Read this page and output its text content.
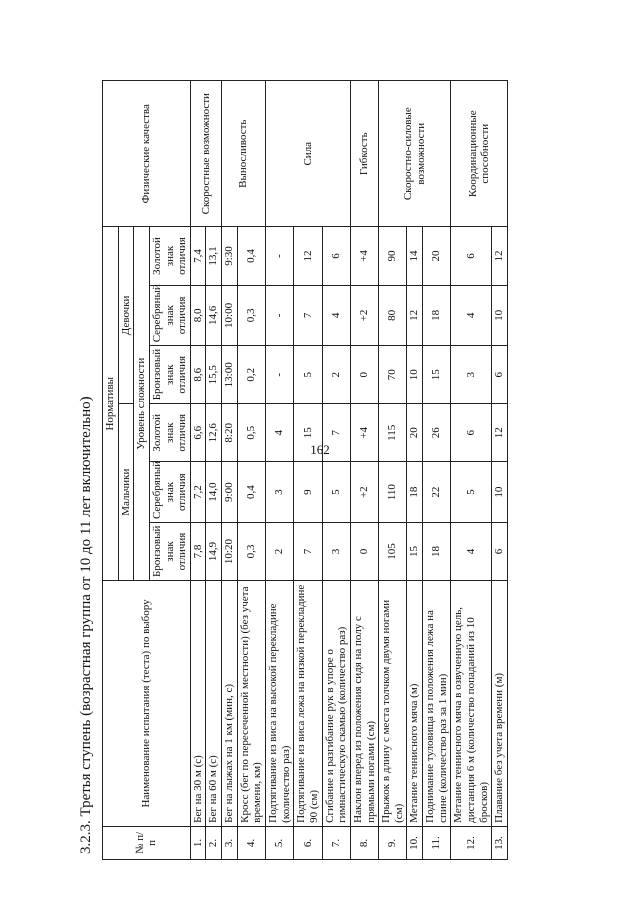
162
3.2.3. Третья ступень (возрастная группа от 10 до 11 лет включительно)	№ п/п	Наименование испытания (теста) по выбору	Нормативы						Физические качества
		Мальчики			Девочки			
		Уровень сложности						
		Бронзовый знак отличия	Серебряный знак отличия	Золотой знак отличия	Бронзовый знак отличия	Серебряный знак отличия	Золотой знак отличия	
1.	Бег на 30 м (с)	7,8	7,2	6,6	8,6	8,0	7,4	Скоростные возможности
2.	Бег на 60 м (с)	14,9	14,0	12,6	15,5	14,6	13,1	
3.	Бег на лыжах на 1 км (мин, с)	10:20	9:00	8:20	13:00	10:00	9:30	Выносливость
4.	Кросс (бег по пересеченной местности) (без учета времени, км)	0,3	0,4	0,5	0,2	0,3	0,4	
5.	Подтягивание из виса на высокой перекладине (количество раз)	2	3	4	-	-	-	Сила
6.	Подтягивание из виса лежа на низкой перекладине 90 (см)	7	9	15	5	7	12	
7.	Сгибание и разгибание рук в упоре о гимнастическую скамью (количество раз)	3	5	7	2	4	6	
8.	Наклон вперед из положения сидя на полу с прямыми ногами (см)	0	+2	+4	0	+2	+4	Гибкость
9.	Прыжок в длину с места толчком двумя ногами (см)	105	110	115	70	80	90	Скоростно-силовые возможности
10.	Метание теннисного мяча (м)	15	18	20	10	12	14	
11.	Поднимание туловища из положения лежа на спине (количество раз за 1 мин)	18	22	26	15	18	20	
12.	Метание теннисного мяча в озвученную цель, дистанция 6 м (количество попаданий из 10 бросков)	4	5	6	3	4	6	Координационные способности
13.	Плавание без учета времени (м)	6	10	12	6	10	12	
